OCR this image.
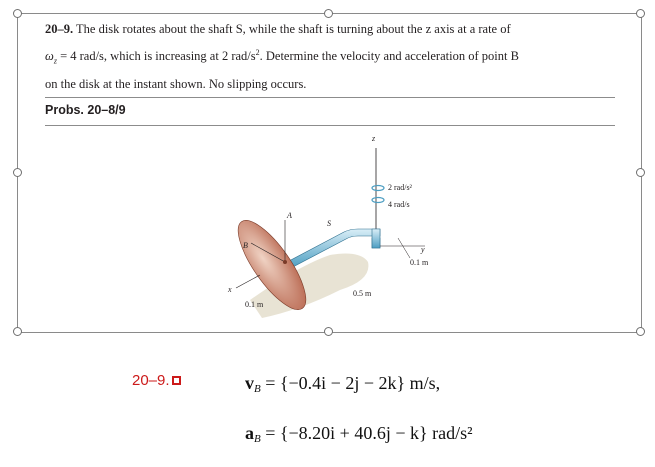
20–9. The disk rotates about the shaft S, while the shaft is turning about the z axis at a rate of
$\omega_z = 4$ rad/s, which is increasing at 2 rad/$s^2$. Determine the velocity and acceleration of point B
on the disk at the instant shown. No slipping occurs.
Probs. 20–8/9
z
2 rad/s²
4 rad/s
y
0.1 m
0.5 m
A
B
S
x
0.1 m
20–9.	$v_B = \{-0.4i - 2j - 2k\}$ m/s,
$a_B = \{-8.20i + 40.6j - k\}$ rad/s²
